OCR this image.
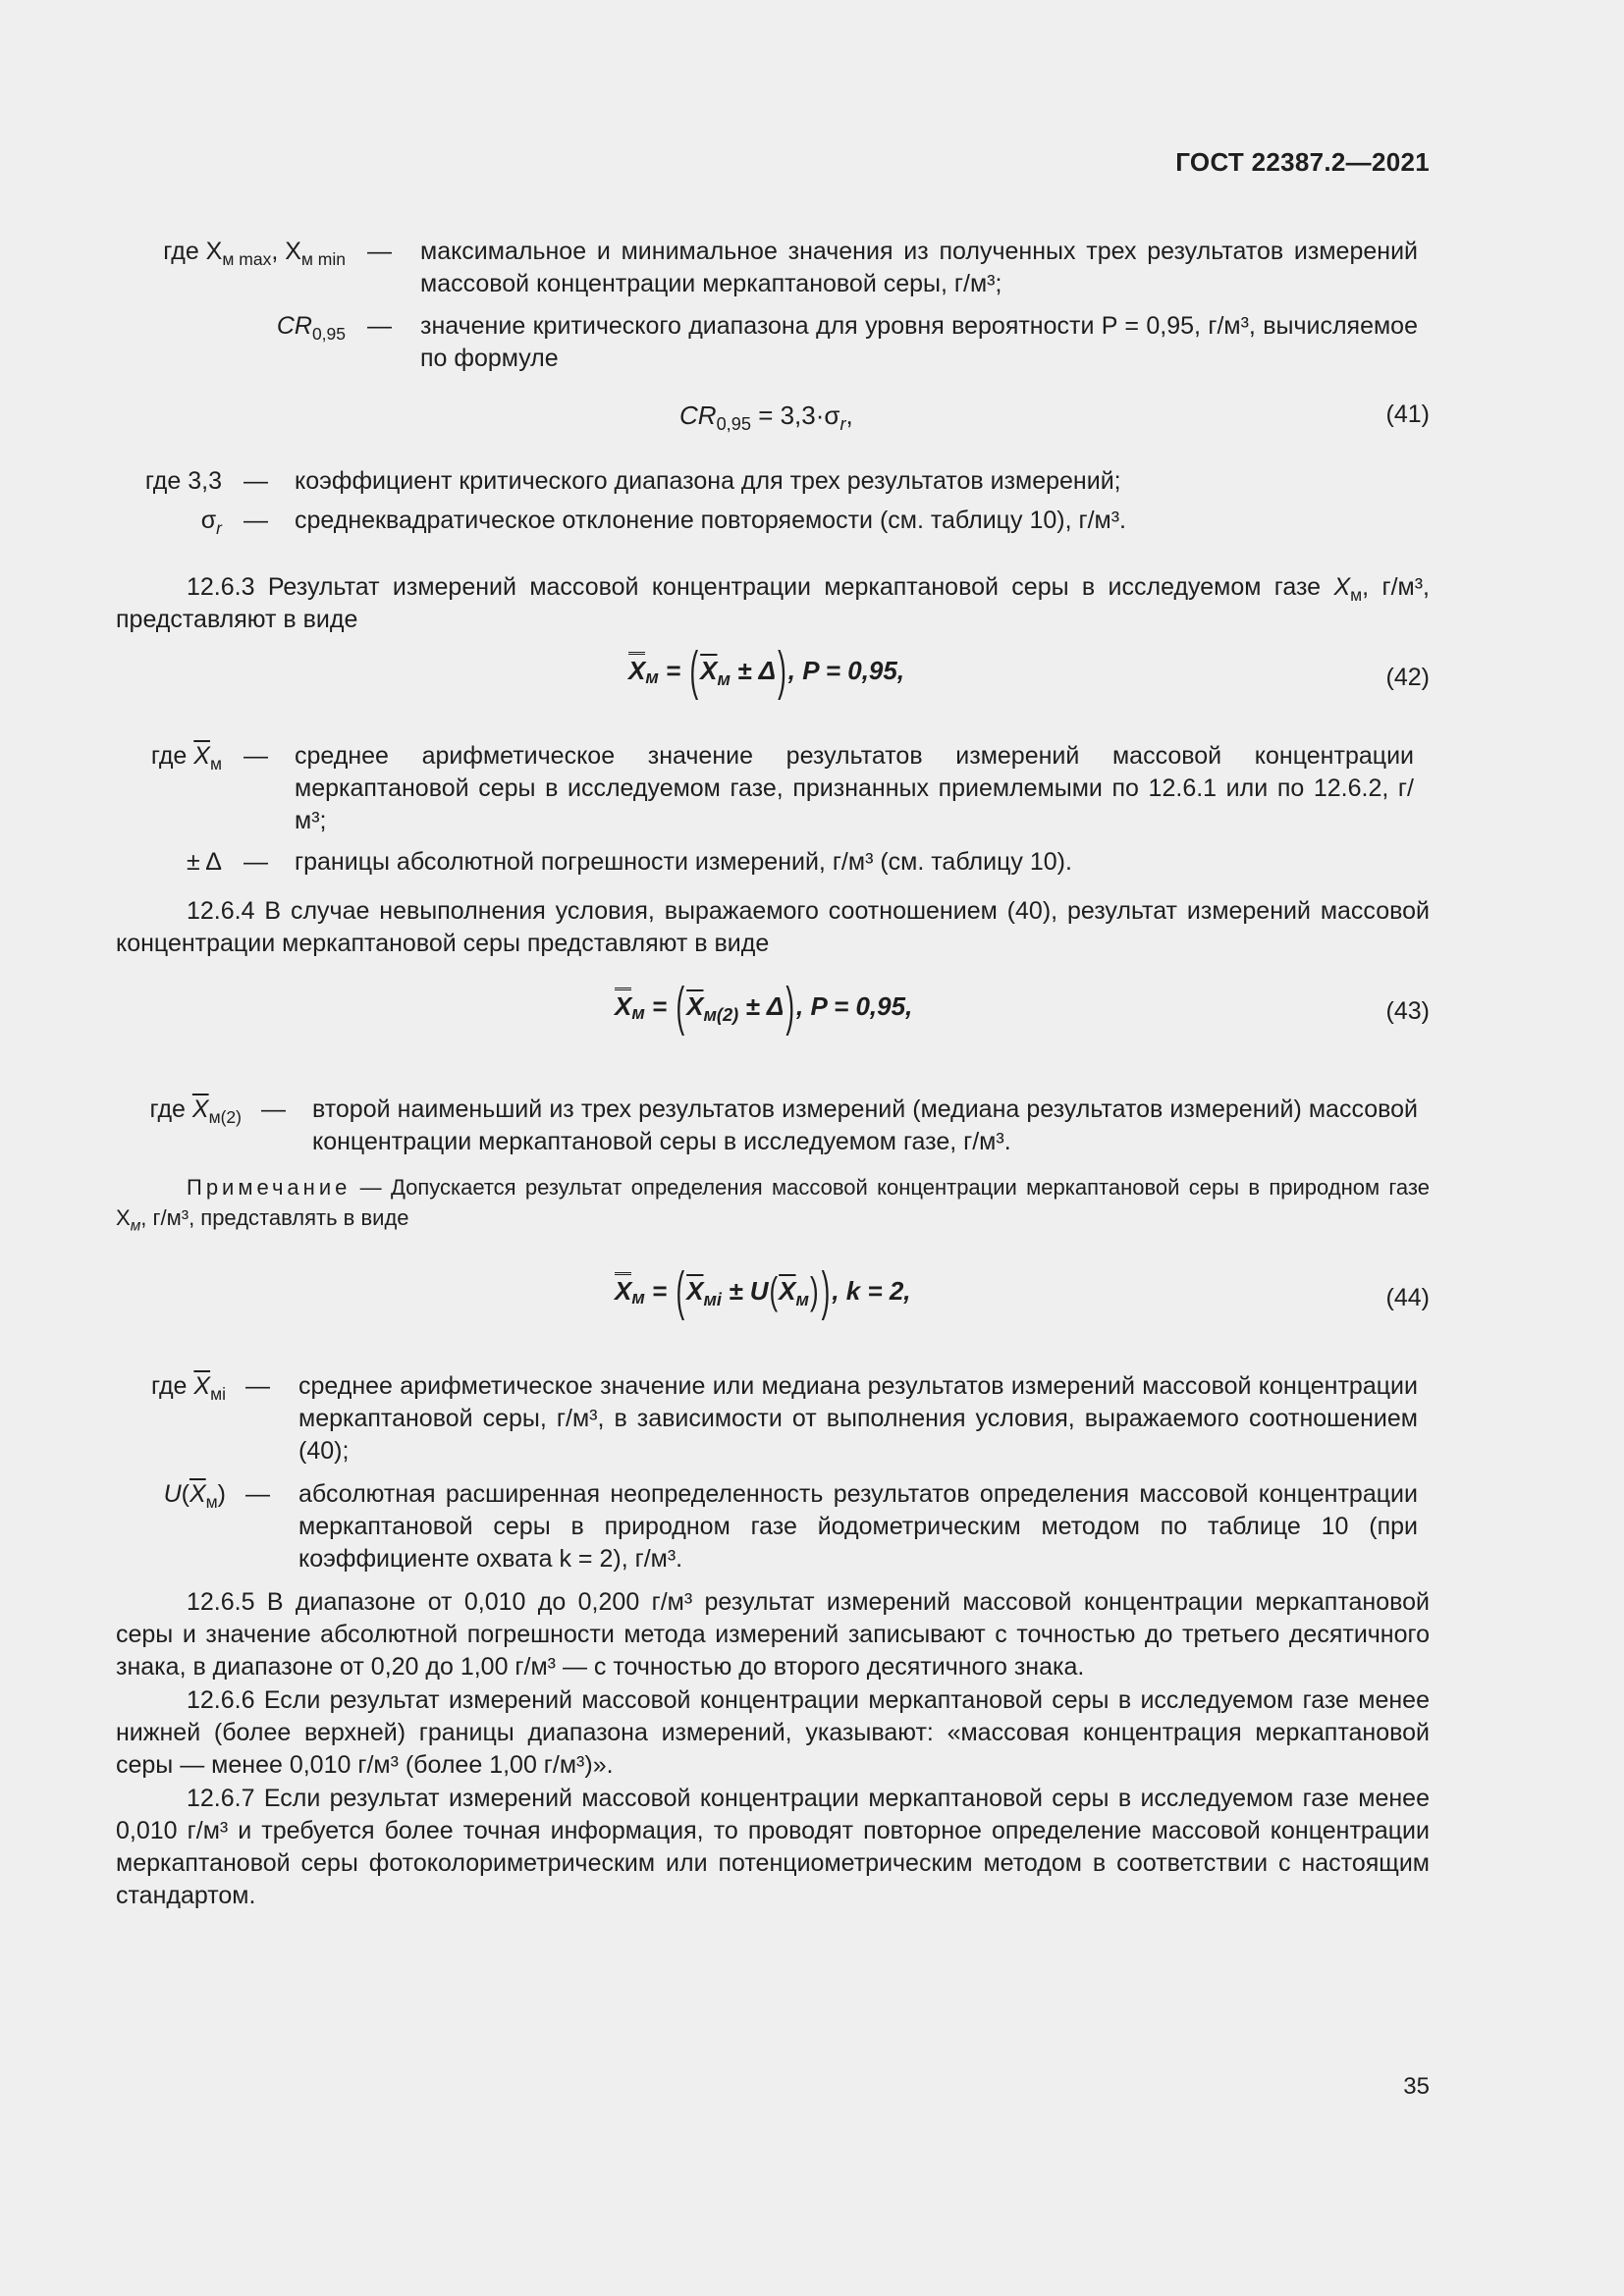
ГОСТ 22387.2—2021
где $X_{м max}$, $X_{м min}$ — максимальное и минимальное значения из полученных трех результатов измерений массовой концентрации меркаптановой серы, г/м³;
$CR_{0,95}$ — значение критического диапазона для уровня вероятности P = 0,95, г/м³, вычисляемое по формуле
$CR_{0,95} = 3,3\cdot\sigma_r$,	(41)
где 3,3 — коэффициент критического диапазона для трех результатов измерений;
$\sigma_r$ — среднеквадратическое отклонение повторяемости (см. таблицу 10), г/м³.
12.6.3 Результат измерений массовой концентрации меркаптановой серы в исследуемом газе $X_м$, г/м³, представляют в виде
Xм = $(\overline{X}_м \pm \Delta)$, P = 0,95,	(42)
где $\overline{X}_м$ — среднее арифметическое значение результатов измерений массовой концентрации меркаптановой серы в исследуемом газе, признанных приемлемыми по 12.6.1 или по 12.6.2, г/м³;
± Δ — границы абсолютной погрешности измерений, г/м³ (см. таблицу 10).
12.6.4 В случае невыполнения условия, выражаемого соотношением (40), результат измерений массовой концентрации меркаптановой серы представляют в виде
Xм = $(\overline{X}_{м(2)} \pm \Delta)$, P = 0,95,	(43)
где $\overline{X}_{м(2)}$ — второй наименьший из трех результатов измерений (медиана результатов измерений) массовой концентрации меркаптановой серы в исследуемом газе, г/м³.
Примечание — Допускается результат определения массовой концентрации меркаптановой серы в природном газе $X_м$, г/м³, представлять в виде
Xм = ($\overline{X}_{мi} \pm U(\overline{X}_м)$ ), k = 2,	(44)
где $\overline{X}_{мi}$ — среднее арифметическое значение или медиана результатов измерений массовой концентрации меркаптановой серы, г/м³, в зависимости от выполнения условия, выражаемого соотношением (40);
$U(\overline{X}_м)$ — абсолютная расширенная неопределенность результатов определения массовой концентрации меркаптановой серы в природном газе йодометрическим методом по таблице 10 (при коэффициенте охвата k = 2), г/м³.
12.6.5 В диапазоне от 0,010 до 0,200 г/м³ результат измерений массовой концентрации меркаптановой серы и значение абсолютной погрешности метода измерений записывают с точностью до третьего десятичного знака, в диапазоне от 0,20 до 1,00 г/м³ — с точностью до второго десятичного знака.
12.6.6 Если результат измерений массовой концентрации меркаптановой серы в исследуемом газе менее нижней (более верхней) границы диапазона измерений, указывают: «массовая концентрация меркаптановой серы — менее 0,010 г/м³ (более 1,00 г/м³)».
12.6.7 Если результат измерений массовой концентрации меркаптановой серы в исследуемом газе менее 0,010 г/м³ и требуется более точная информация, то проводят повторное определение массовой концентрации меркаптановой серы фотоколориметрическим или потенциометрическим методом в соответствии с настоящим стандартом.
35
